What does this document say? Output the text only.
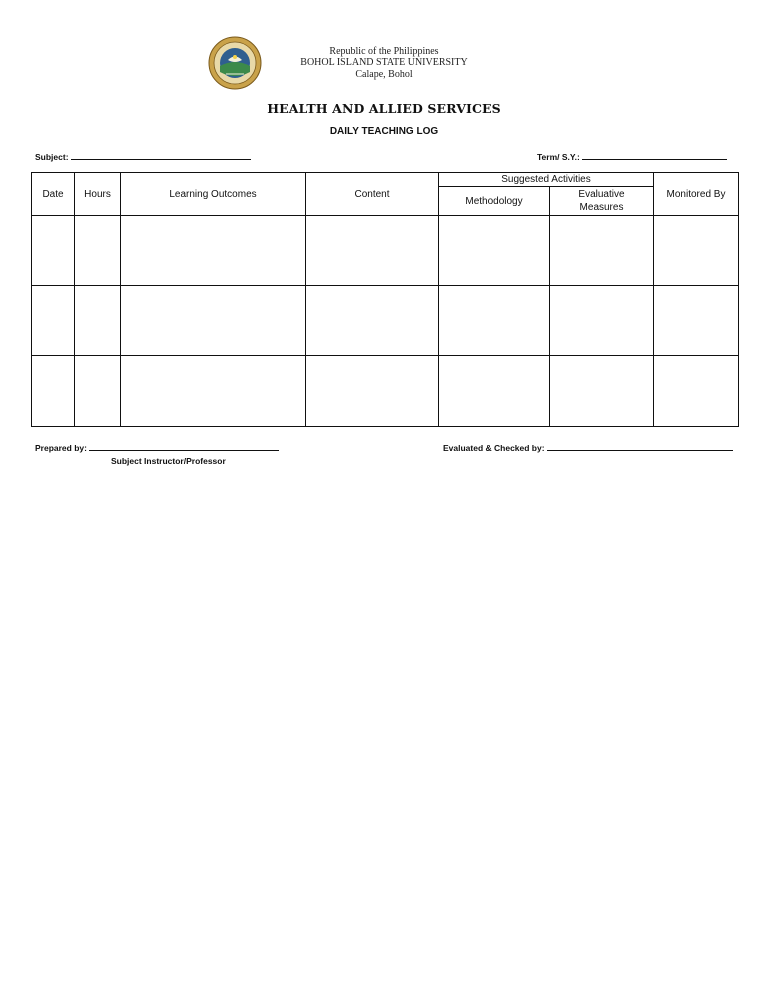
Republic of the Philippines
BOHOL ISLAND STATE UNIVERSITY
Calape, Bohol
HEALTH AND ALLIED SERVICES
DAILY TEACHING LOG
Subject:	Term/ S.Y.:
Date	Hours	Learning Outcomes	Content	Suggested Activities		Monitored By
				Methodology	Evaluative Measures	

Prepared by:	Evaluated & Checked by:
Subject Instructor/Professor
